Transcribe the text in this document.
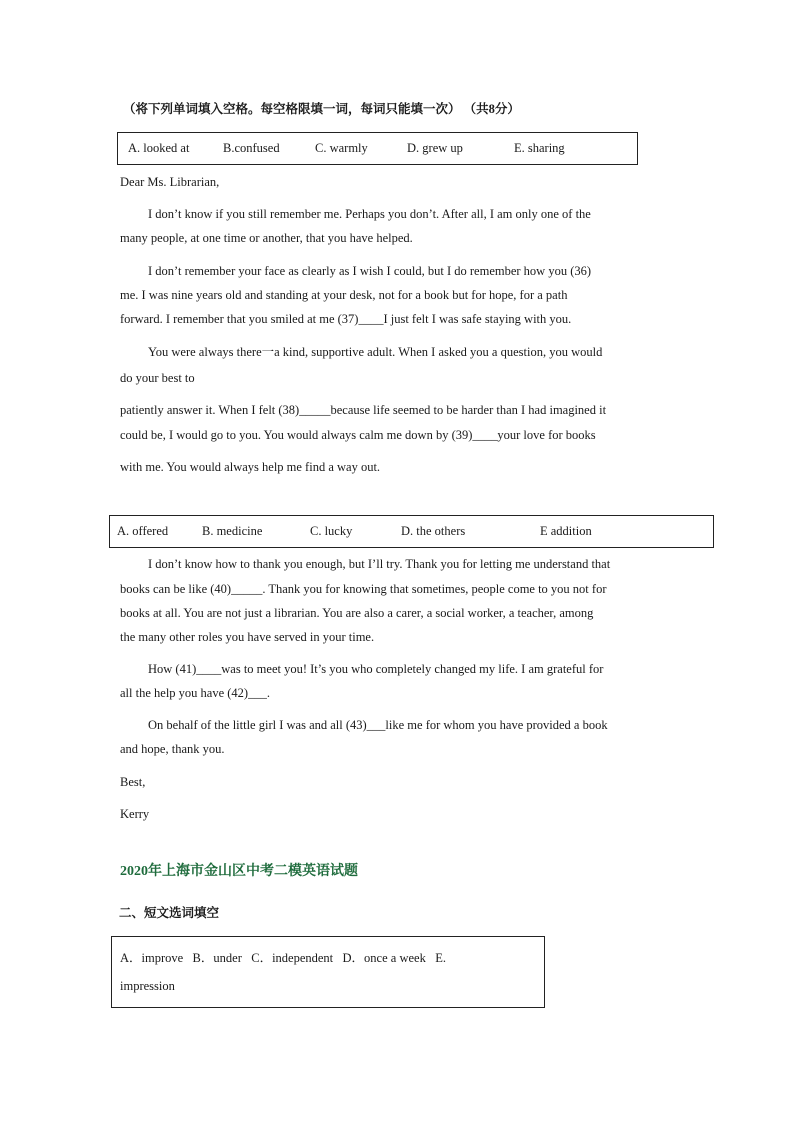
（将下列单词填入空格。每空格限填一词，每词只能填一次） （共8分）
A. looked at	B.confused	C. warmly	D. grew up	E. sharing
Dear Ms. Librarian,
I don’t know if you still remember me. Perhaps you don’t. After all, I am only one of the
many people, at one time or another, that you have helped.
I don’t remember your face as clearly as I wish I could, but I do remember how you (36)
me. I was nine years old and standing at your desk, not for a book but for hope, for a path
forward. I remember that you smiled at me (37)____I just felt I was safe staying with you.
You were always there一a kind, supportive adult. When I asked you a question, you would
do your best to
patiently answer it. When I felt (38)_____because life seemed to be harder than I had imagined it
could be, I would go to you. You would always calm me down by (39)____your love for books
with me. You would always help me find a way out.
A. offered	B. medicine	C. lucky	D. the others	E addition
I don’t know how to thank you enough, but I’ll try. Thank you for letting me understand that
books can be like (40)_____. Thank you for knowing that sometimes, people come to you not for
books at all. You are not just a librarian. You are also a carer, a social worker, a teacher, among
the many other roles you have served in your time.
How (41)____was to meet you! It’s you who completely changed my life. I am grateful for
all the help you have (42)___.
On behalf of the little girl I was and all (43)___like me for whom you have provided a book
and hope, thank you.
Best,
Kerry
2020年上海市金山区中考二模英语试题
二、短文选词填空
A．improve   B．under   C．independent   D．once a week   E.
impression
